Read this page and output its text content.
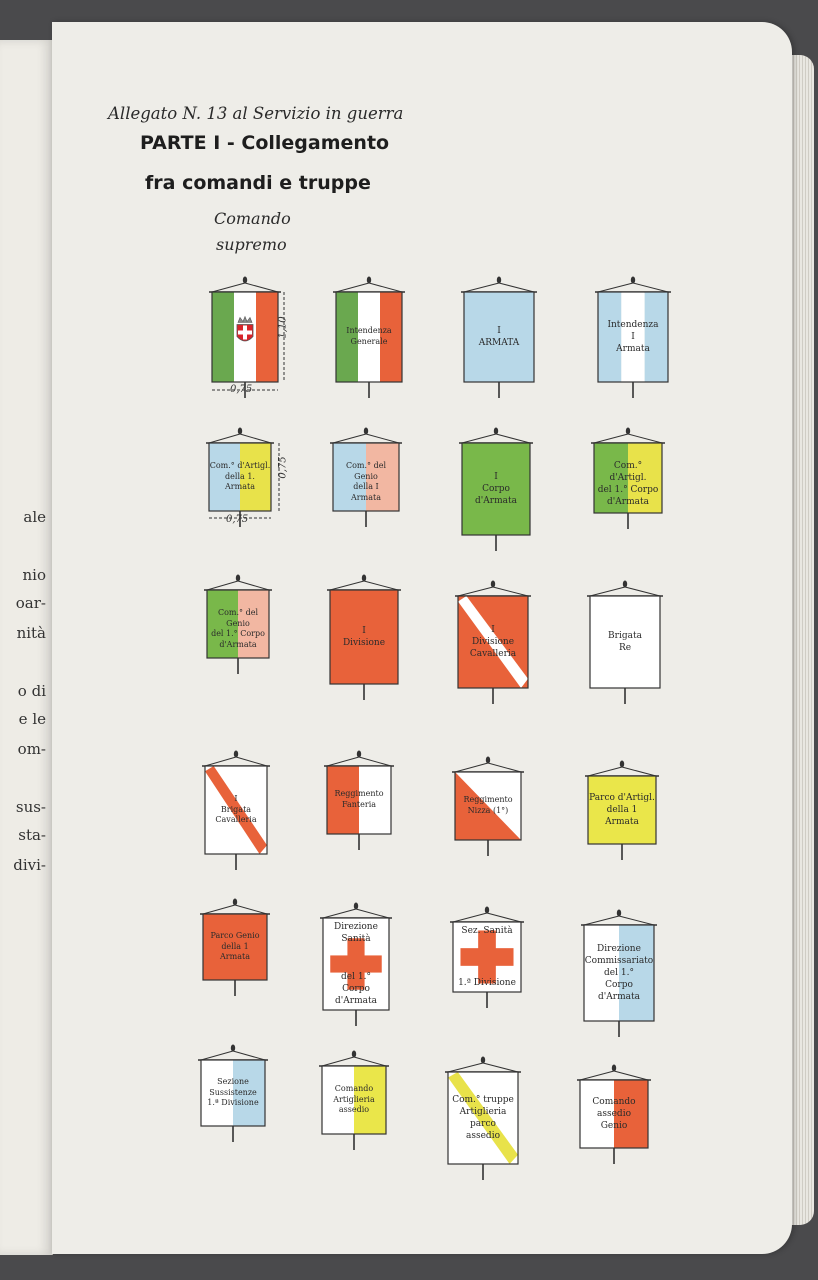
ale
nio
oar-
nità
o di
e le
om-
sus-
sta-
divi-
Allegato N. 13 al Servizio in guerra
PARTE I - Collegamento
fra comandi e truppe
Comando
supremo
Intendenza
Generale
I
ARMATA
Intendenza
I
Armata
Com.° d'Artigl.
della 1.
Armata
Com.° del Genio
della I
Armata
I
Corpo
d'Armata
Com.° d'Artigl.
del 1.° Corpo
d'Armata
Com.° del Genio
del 1.° Corpo
d'Armata
I
Divisione
I
Divisione
Cavalleria
Brigata
Re
I
Brigata
Cavalleria
Reggimento
Fanteria
Reggimento
Nizza (1°)
Parco d'Artigl.
della 1
Armata
Parco Genio
della 1
Armata
Direzione
Sanità

del 1.°
Corpo d'Armata
Sez. Sanità

1.ª Divisione
Direzione
Commissariato
del 1.°
Corpo
d'Armata
Sezione
Sussistenze
1.ª Divisione
Comando
Artiglieria
assedio
Com.° truppe
Artiglieria
parco
assedio
Comando
assedio
Genio
1,10
0,75
0,75
0,75
